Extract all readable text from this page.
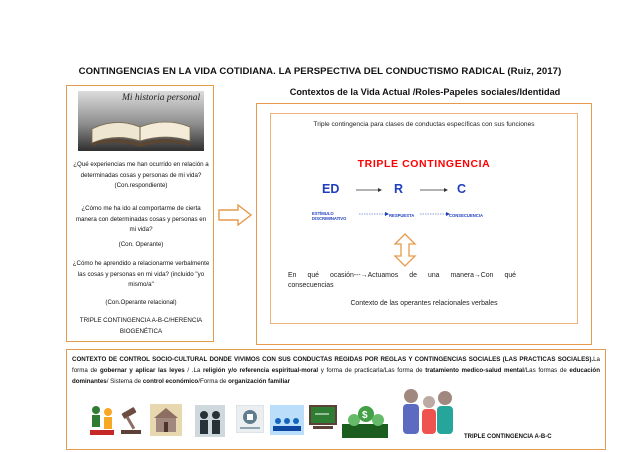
CONTINGENCIAS EN LA VIDA COTIDIANA. LA PERSPECTIVA DEL CONDUCTISMO RADICAL (Ruiz, 2017)
Mi historia personal
¿Qué experiencias me han ocurrido en relación a determinadas cosas y personas de mi vida? (Con.respondiente)
¿Cómo me ha ido al comportarme de cierta manera con determinadas cosas y personas en mi vida?
(Con. Operante)
¿Cómo he aprendido a relacionarme verbalmente las cosas y personas en mi vida? (incluido "yo mismo/a"
(Con.Operante relacional)
TRIPLE CONTINGENCIA A-B-C/HERENCIA BIOGENÉTICA
Contextos de la Vida Actual /Roles-Papeles sociales/Identidad
Triple contingencia para clases de conductas específicas con sus funciones
TRIPLE CONTINGENCIA
ED	R	C
ESTÍMULO DISCRIMINATIVO
RESPUESTA	CONSECUENCIA
En qué ocasión---→Actuamos de una manera→Con qué
consecuencias
Contexto de las operantes relacionales verbales
CONTEXTO DE CONTROL SOCIO-CULTURAL DONDE VIVIMOS CON SUS CONDUCTAS REGIDAS POR REGLAS Y CONTINGENCIAS SOCIALES (LAS PRACTICAS SOCIALES).La forma de gobernar y aplicar las leyes / .La religión y/o referencia espiritual-moral y forma de practicarla/Las forma de tratamiento medico-salud mental/Las formas de educación dominantes/ Sistema de control económico/Forma de organización familiar
$
TRIPLE CONTINGENCIA A-B-C
